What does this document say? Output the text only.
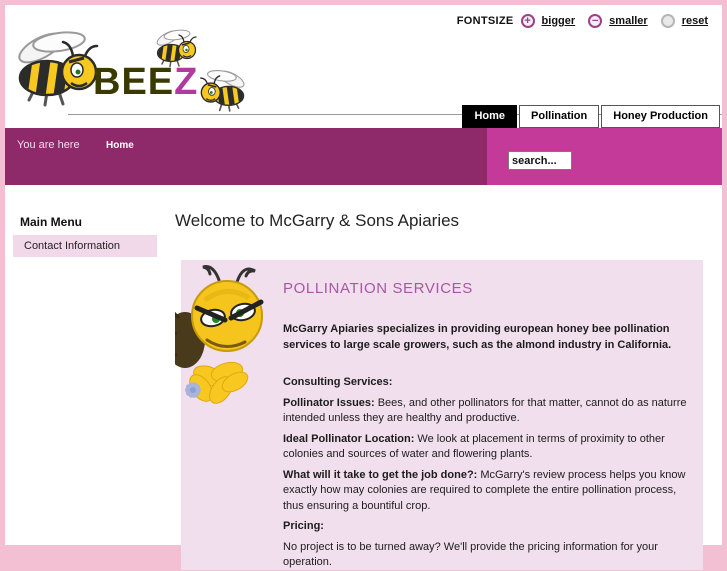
FONTSIZE + bigger	− smaller	reset
BEEZ
Home	Pollination	Honey Production
You are here	Home
search...
Main Menu
Contact Information
Welcome to McGarry & Sons Apiaries
POLLINATION SERVICES

McGarry Apiaries specializes in providing european honey bee pollination services to large scale growers, such as the almond industry in California.

Consulting Services:

Pollinator Issues: Bees, and other pollinators for that matter, cannot do as naturre intended unless they are healthy and productive.

Ideal Pollinator Location: We look at placement in terms of proximity to other colonies and sources of water and flowering plants.

What will it take to get the job done?: McGarry's review process helps you know exactly how may colonies are required to complete the entire pollination process, thus ensuring a bountiful crop.

Pricing:

No project is to be turned away? We'll provide the pricing information for your operation.
